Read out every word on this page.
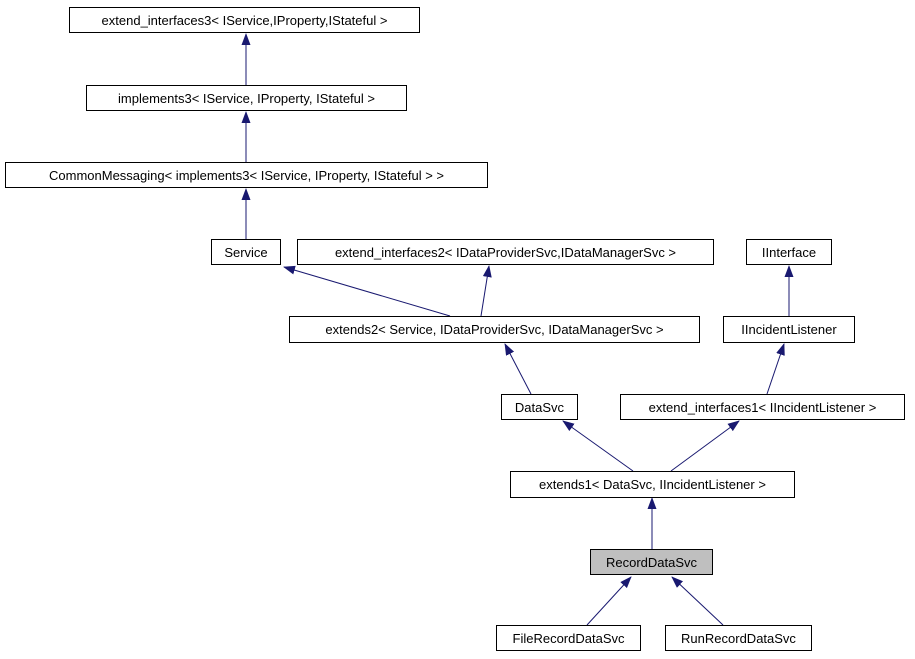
extend_interfaces3< IService,IProperty,IStateful >
implements3< IService, IProperty, IStateful >
CommonMessaging< implements3< IService, IProperty, IStateful > >
Service	extend_interfaces2< IDataProviderSvc,IDataManagerSvc >	IInterface
extends2< Service, IDataProviderSvc, IDataManagerSvc >	IIncidentListener
DataSvc	extend_interfaces1< IIncidentListener >
extends1< DataSvc, IIncidentListener >
RecordDataSvc
FileRecordDataSvc	RunRecordDataSvc
